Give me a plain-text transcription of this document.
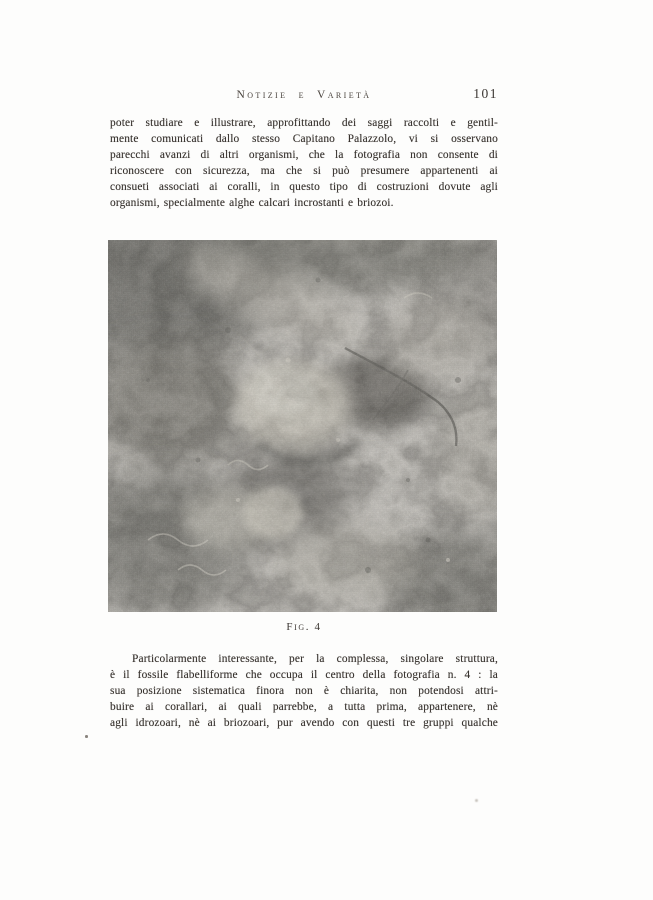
Notizie e Varietà	101
poter studiare e illustrare, approfittando dei saggi raccolti e gentil-
mente comunicati dallo stesso Capitano Palazzolo, vi si osservano
parecchi avanzi di altri organismi, che la fotografia non consente di
riconoscere con sicurezza, ma che si può presumere appartenenti ai
consueti associati ai coralli, in questo tipo di costruzioni dovute agli
organismi, specialmente alghe calcari incrostanti e briozoi.
Fig. 4
Particolarmente interessante, per la complessa, singolare struttura,
è il fossile flabelliforme che occupa il centro della fotografia n. 4 : la
sua posizione sistematica finora non è chiarita, non potendosi attri-
buire ai corallari, ai quali parrebbe, a tutta prima, appartenere, nè
agli idrozoari, nè ai briozoari, pur avendo con questi tre gruppi qualche
